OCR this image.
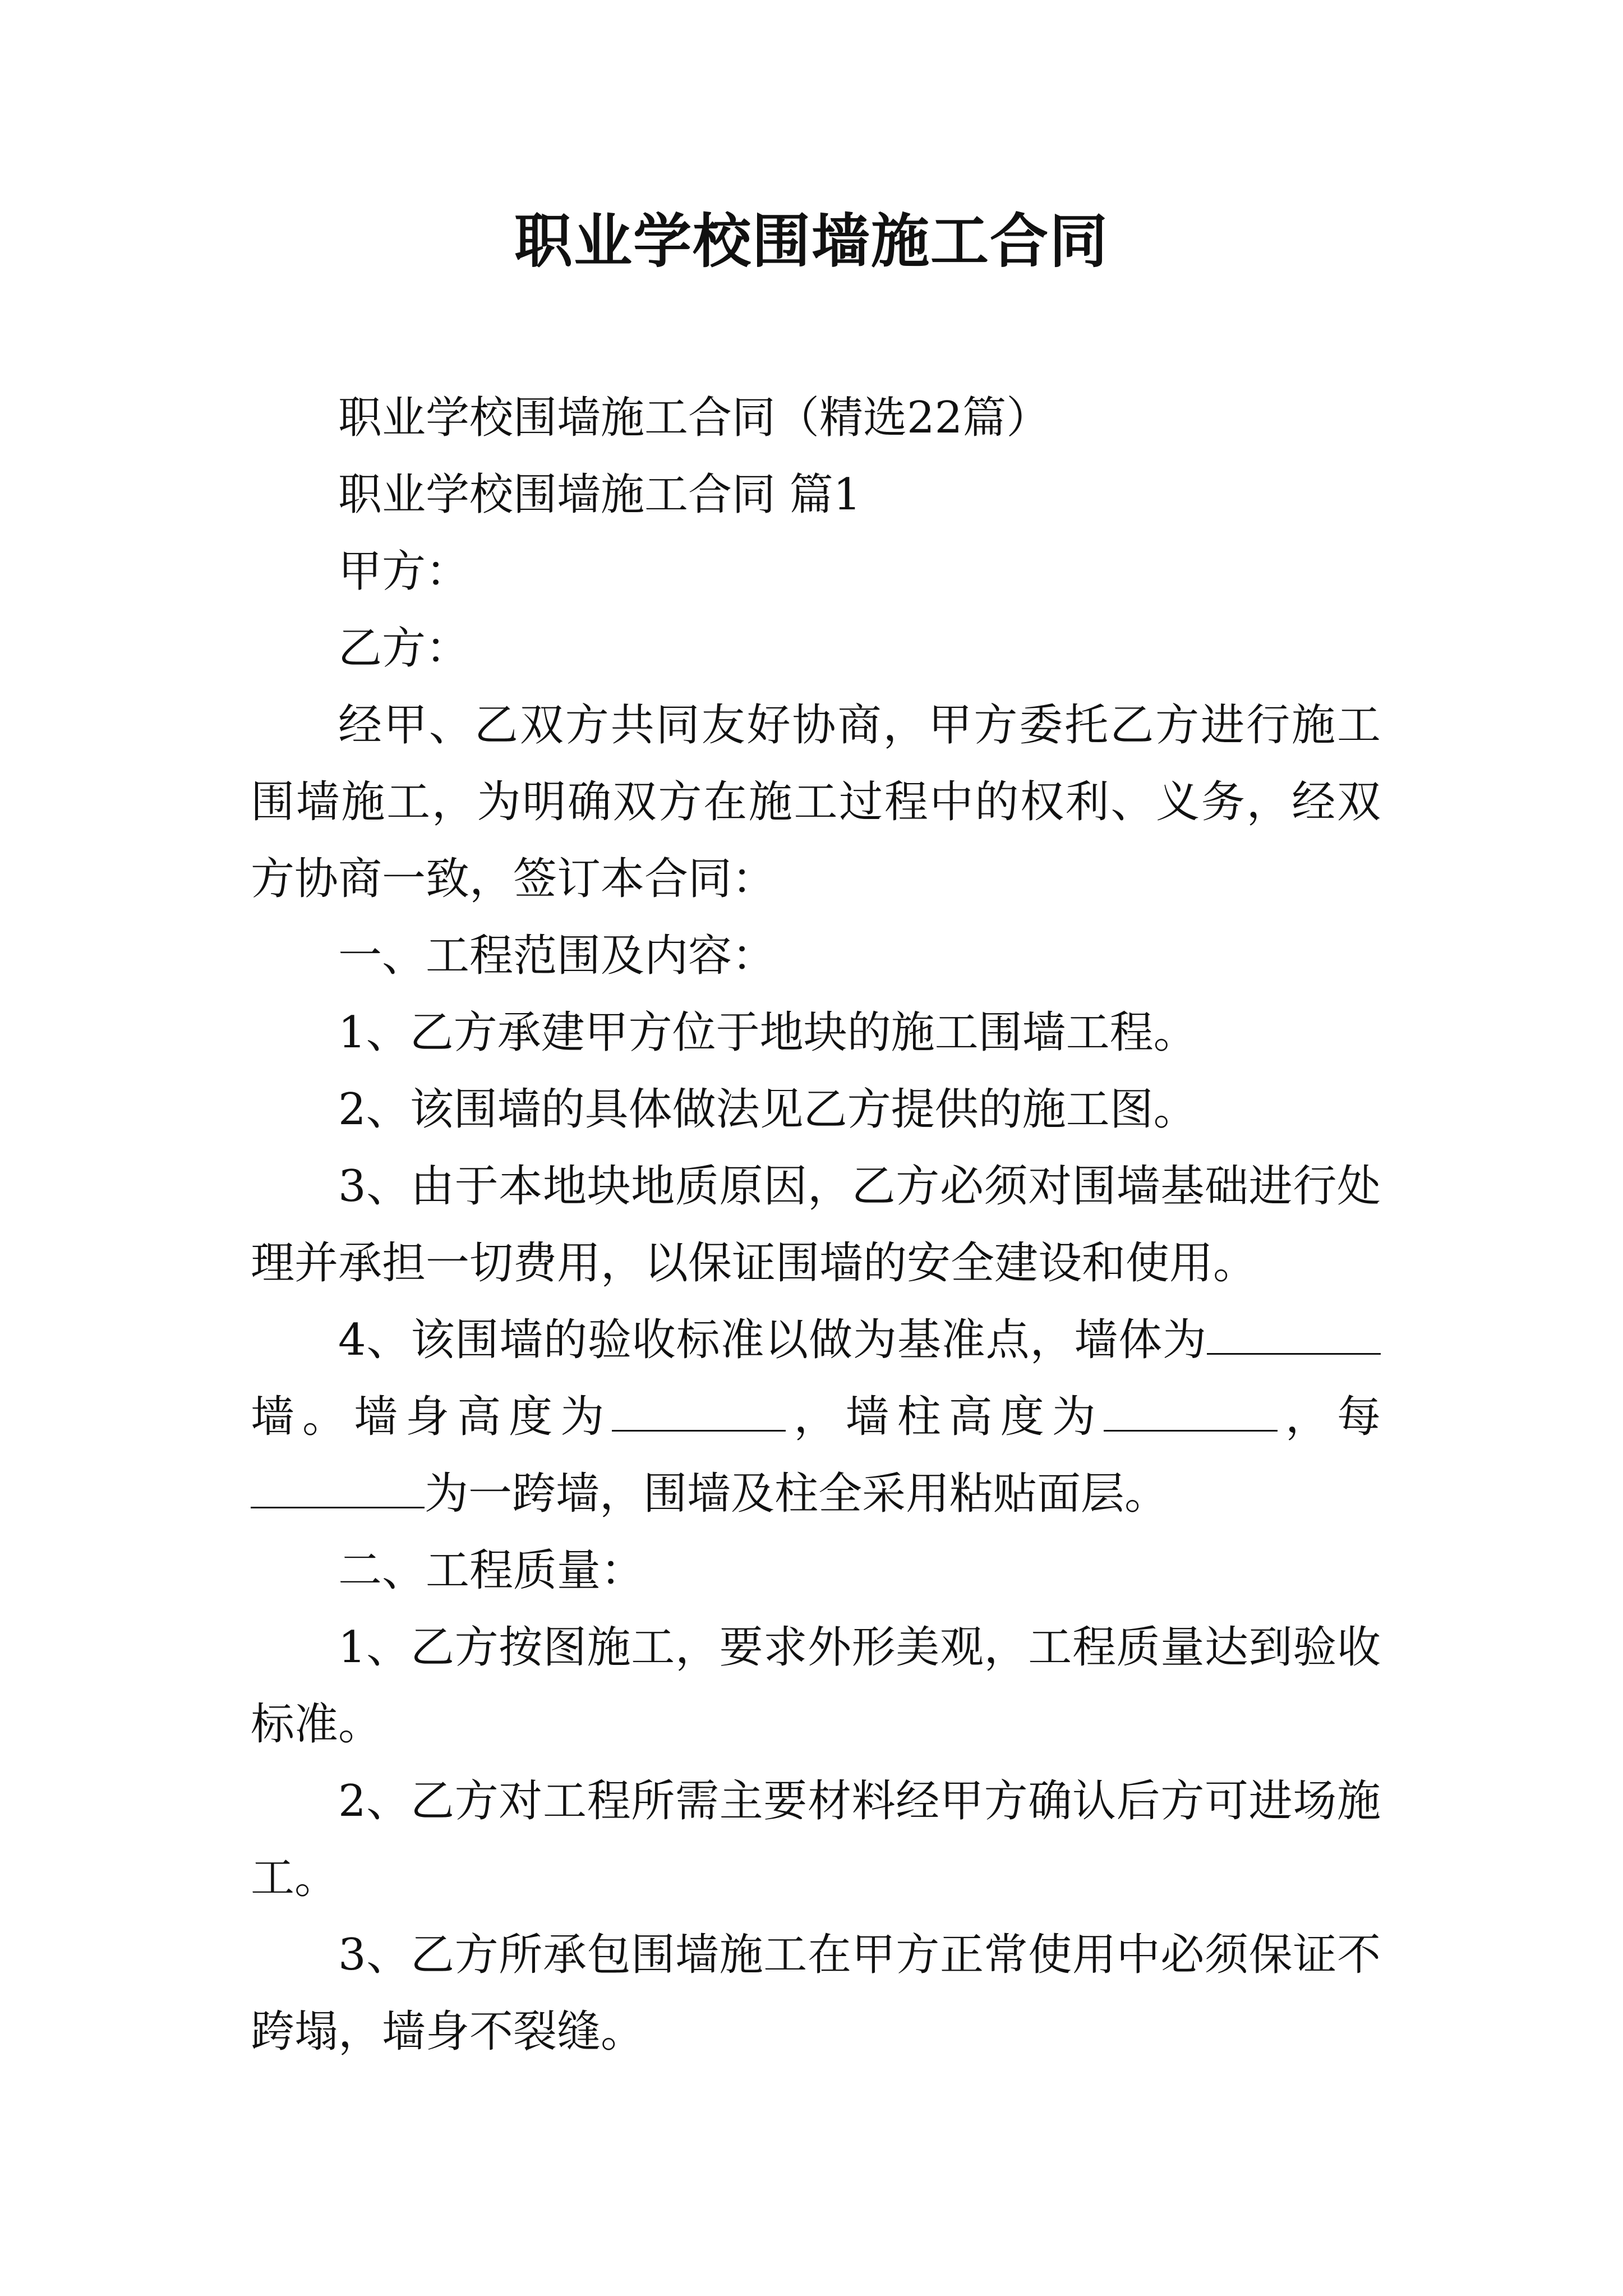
职业学校围墙施工合同

职业学校围墙施工合同（精选22篇）

职业学校围墙施工合同 篇1

甲方：

乙方：

经甲、乙双方共同友好协商，甲方委托乙方进行施工围墙施工，为明确双方在施工过程中的权利、义务，经双方协商一致，签订本合同：

一、工程范围及内容：

1、乙方承建甲方位于地块的施工围墙工程。

2、该围墙的具体做法见乙方提供的施工图。

3、由于本地块地质原因，乙方必须对围墙基础进行处理并承担一切费用，以保证围墙的安全建设和使用。

4、该围墙的验收标准以做为基准点，墙体为墙。墙身高度为	，墙柱高度为	，每为一跨墙，围墙及柱全采用粘贴面层。

二、工程质量：

1、乙方按图施工，要求外形美观，工程质量达到验收标准。

2、乙方对工程所需主要材料经甲方确认后方可进场施工。

3、乙方所承包围墙施工在甲方正常使用中必须保证不跨塌，墙身不裂缝。
